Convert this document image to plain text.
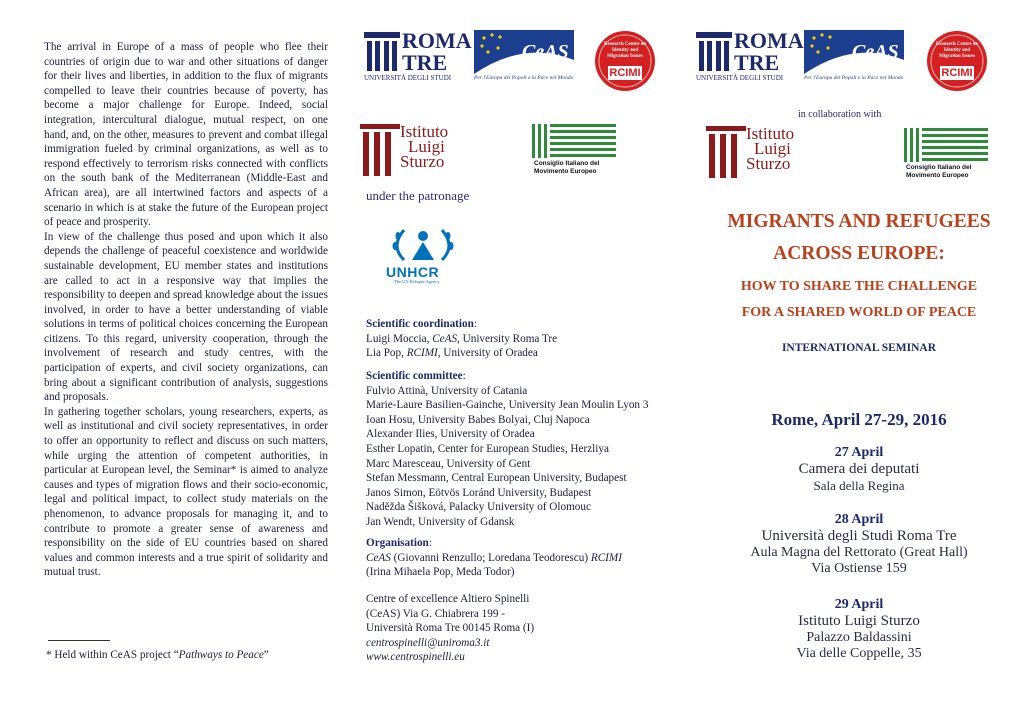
The arrival in Europe of a mass of people who flee their countries of origin due to war and other situations of danger for their lives and liberties, in addition to the flux of migrants compelled to leave their countries because of poverty, has become a major challenge for Europe. Indeed, social integration, intercultural dialogue, mutual respect, on one hand, and, on the other, measures to prevent and combat illegal immigration fueled by criminal organizations, as well as to respond effectively to terrorism risks connected with conflicts on the south bank of the Mediterranean (Middle-East and African area), are all intertwined factors and aspects of a scenario in which is at stake the future of the European project of peace and prosperity.

In view of the challenge thus posed and upon which it also depends the challenge of peaceful coexistence and worldwide sustainable development, EU member states and institutions are called to act in a responsive way that implies the responsibility to deepen and spread knowledge about the issues involved, in order to have a better understanding of viable solutions in terms of political choices concerning the European citizens. To this regard, university cooperation, through the involvement of research and study centres, with the participation of experts, and civil society organizations, can bring about a significant contribution of analysis, suggestions and proposals.

In gathering together scholars, young researchers, experts, as well as institutional and civil society representatives, in order to offer an opportunity to reflect and discuss on such matters, while urging the attention of competent authorities, in particular at European level, the Seminar* is aimed to analyze causes and types of migration flows and their socio-economic, legal and political impact, to collect study materials on the phenomenon, to advance proposals for managing it, and to contribute to promote a greater sense of awareness and responsibility on the side of EU countries based on shared values and common interests and a true spirit of solidarity and mutual trust.

* Held within CeAS project “Pathways to Peace”
ROMA
TRE
UNIVERSITÀ DEGLI STUDI
CeAS
Per l'Europa dei Popoli e la Pace nel Mondo
Research Centre on Identity and Migration Issues
RCIMI
Istituto
Luigi
Sturzo	Consiglio Italiano del
Movimento Europeo
under the patronage
UNHCR
The UN Refugee Agency
Scientific coordination:
Luigi Moccia, CeAS, University Roma Tre
Lia Pop, RCIMI, University of Oradea
Scientific committee:
Fulvio Attinà, University of Catania
Marie-Laure Basilien-Gainche, University Jean Moulin Lyon 3
Ioan Hosu, University Babes Bolyai, Cluj Napoca
Alexander Ilies, University of Oradea
Esther Lopatin, Center for European Studies, Herzliya
Marc Maresceau, University of Gent
Stefan Messmann, Central European University, Budapest
Janos Simon, Eötvös Loránd University, Budapest
Naděžda Šišková, Palacky University of Olomouc
Jan Wendt, University of Gdansk
Organisation:
CeAS (Giovanni Renzullo; Loredana Teodorescu) RCIMI
(Irina Mihaela Pop, Meda Todor)
Centre of excellence Altiero Spinelli
(CeAS) Via G. Chiabrera 199 -
Università Roma Tre 00145 Roma (I)
centrospinelli@uniroma3.it
www.centrospinelli.eu
ROMA
TRE
UNIVERSITÀ DEGLI STUDI
CeAS
Per l'Europa dei Popoli e la Pace nel Mondo
Research Centre on Identity and Migration Issues
RCIMI
in collaboration with
Istituto
Luigi
Sturzo	Consiglio Italiano del
Movimento Europeo
MIGRANTS AND REFUGEES
ACROSS EUROPE:
HOW TO SHARE THE CHALLENGE
FOR A SHARED WORLD OF PEACE
INTERNATIONAL SEMINAR
Rome, April 27-29, 2016
27 April
Camera dei deputati
Sala della Regina
28 April
Università degli Studi Roma Tre
Aula Magna del Rettorato (Great Hall)
Via Ostiense 159
29 April
Istituto Luigi Sturzo
Palazzo Baldassini
Via delle Coppelle, 35
